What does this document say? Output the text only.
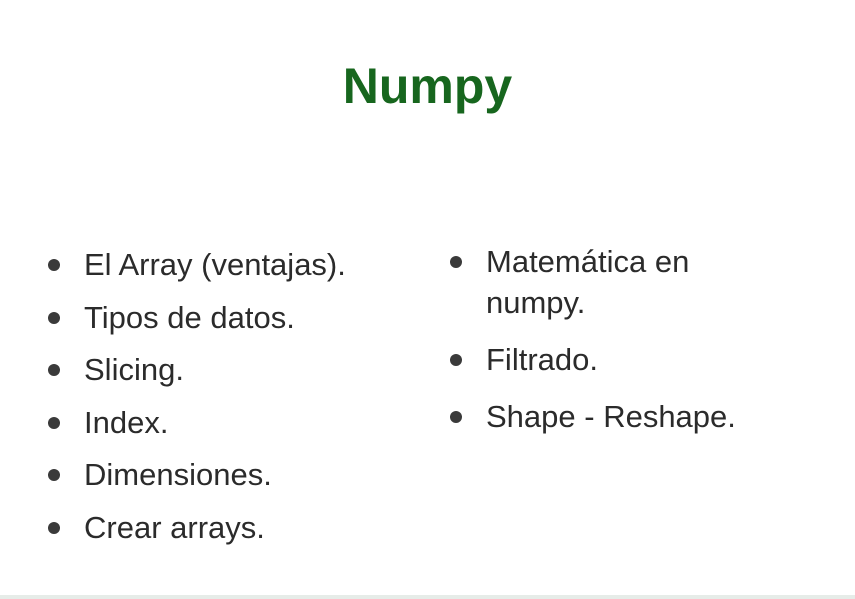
Numpy
El Array (ventajas).
Tipos de datos.
Slicing.
Index.
Dimensiones.
Crear arrays.
Matemática en numpy.
Filtrado.
Shape - Reshape.
